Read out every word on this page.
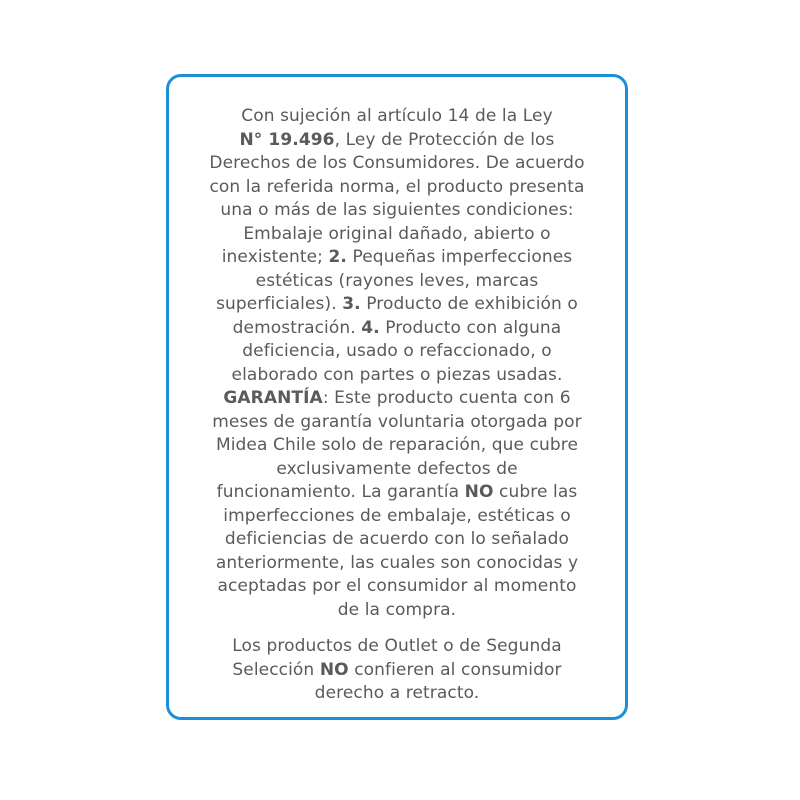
Con sujeción al artículo 14 de la Ley
N° 19.496, Ley de Protección de los
Derechos de los Consumidores. De acuerdo
con la referida norma, el producto presenta
una o más de las siguientes condiciones:
Embalaje original dañado, abierto o
inexistente; 2. Pequeñas imperfecciones
estéticas (rayones leves, marcas
superficiales). 3. Producto de exhibición o
demostración. 4. Producto con alguna
deficiencia, usado o refaccionado, o
elaborado con partes o piezas usadas.
GARANTÍA: Este producto cuenta con 6
meses de garantía voluntaria otorgada por
Midea Chile solo de reparación, que cubre
exclusivamente defectos de
funcionamiento. La garantía NO cubre las
imperfecciones de embalaje, estéticas o
deficiencias de acuerdo con lo señalado
anteriormente, las cuales son conocidas y
aceptadas por el consumidor al momento
de la compra.

Los productos de Outlet o de Segunda
Selección NO confieren al consumidor
derecho a retracto.
